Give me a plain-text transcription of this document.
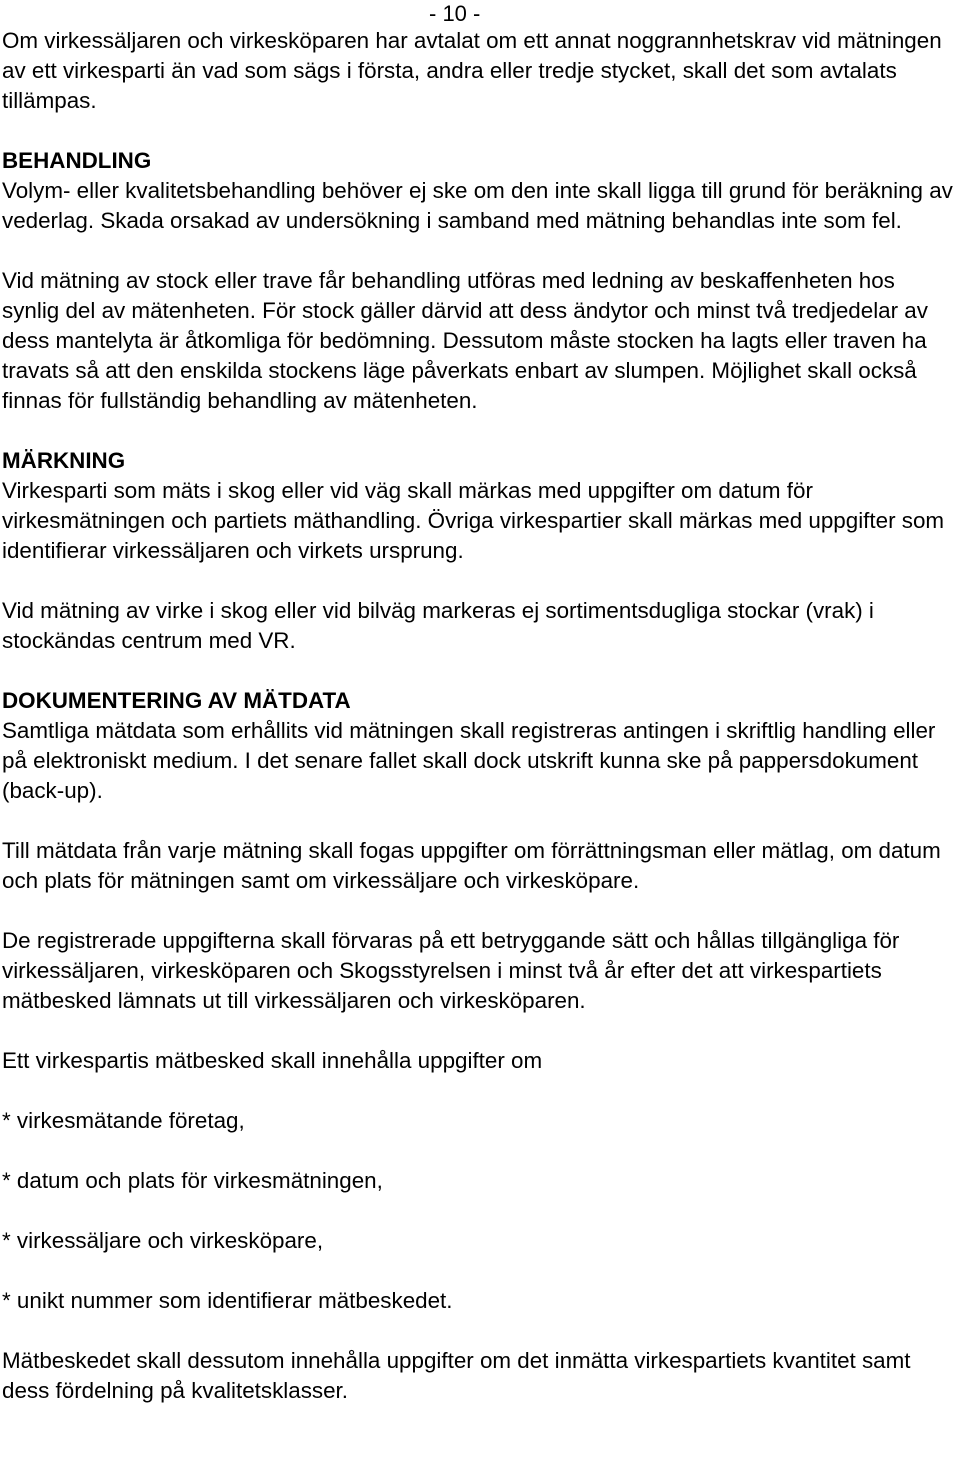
- 10 -

Om virkessäljaren och virkesköparen har avtalat om ett annat noggrannhetskrav vid mätningen av ett virkesparti än vad som sägs i första, andra eller tredje stycket, skall det som avtalats tillämpas.

BEHANDLING

Volym- eller kvalitetsbehandling behöver ej ske om den inte skall ligga till grund för beräkning av vederlag. Skada orsakad av undersökning i samband med mätning behandlas inte som fel.

Vid mätning av stock eller trave får behandling utföras med ledning av beskaffenheten hos synlig del av mätenheten. För stock gäller därvid att dess ändytor och minst två tredjedelar av dess mantelyta är åtkomliga för bedömning. Dessutom måste stocken ha lagts eller traven ha travats så att den enskilda stockens läge påverkats enbart av slumpen. Möjlighet skall också finnas för fullständig behandling av mätenheten.

MÄRKNING

Virkesparti som mäts i skog eller vid väg skall märkas med uppgifter om datum för virkesmätningen och partiets mäthandling. Övriga virkespartier skall märkas med uppgifter som identifierar virkessäljaren och virkets ursprung.

Vid mätning av virke i skog eller vid bilväg markeras ej sortimentsdugliga stockar (vrak) i stockändas centrum med VR.

DOKUMENTERING AV MÄTDATA

Samtliga mätdata som erhållits vid mätningen skall registreras antingen i skriftlig handling eller på elektroniskt medium. I det senare fallet skall dock utskrift kunna ske på pappersdokument (back-up).

Till mätdata från varje mätning skall fogas uppgifter om förrättningsman eller mätlag, om datum och plats för mätningen samt om virkessäljare och virkesköpare.

De registrerade uppgifterna skall förvaras på ett betryggande sätt och hållas tillgängliga för virkessäljaren, virkesköparen och Skogsstyrelsen i minst två år efter det att virkespartiets mätbesked lämnats ut till virkessäljaren och virkesköparen.

Ett virkespartis mätbesked skall innehålla uppgifter om

* virkesmätande företag,

* datum och plats för virkesmätningen,

* virkessäljare och virkesköpare,

* unikt nummer som identifierar mätbeskedet.

Mätbeskedet skall dessutom innehålla uppgifter om det inmätta virkespartiets kvantitet samt dess fördelning på kvalitetsklasser.
